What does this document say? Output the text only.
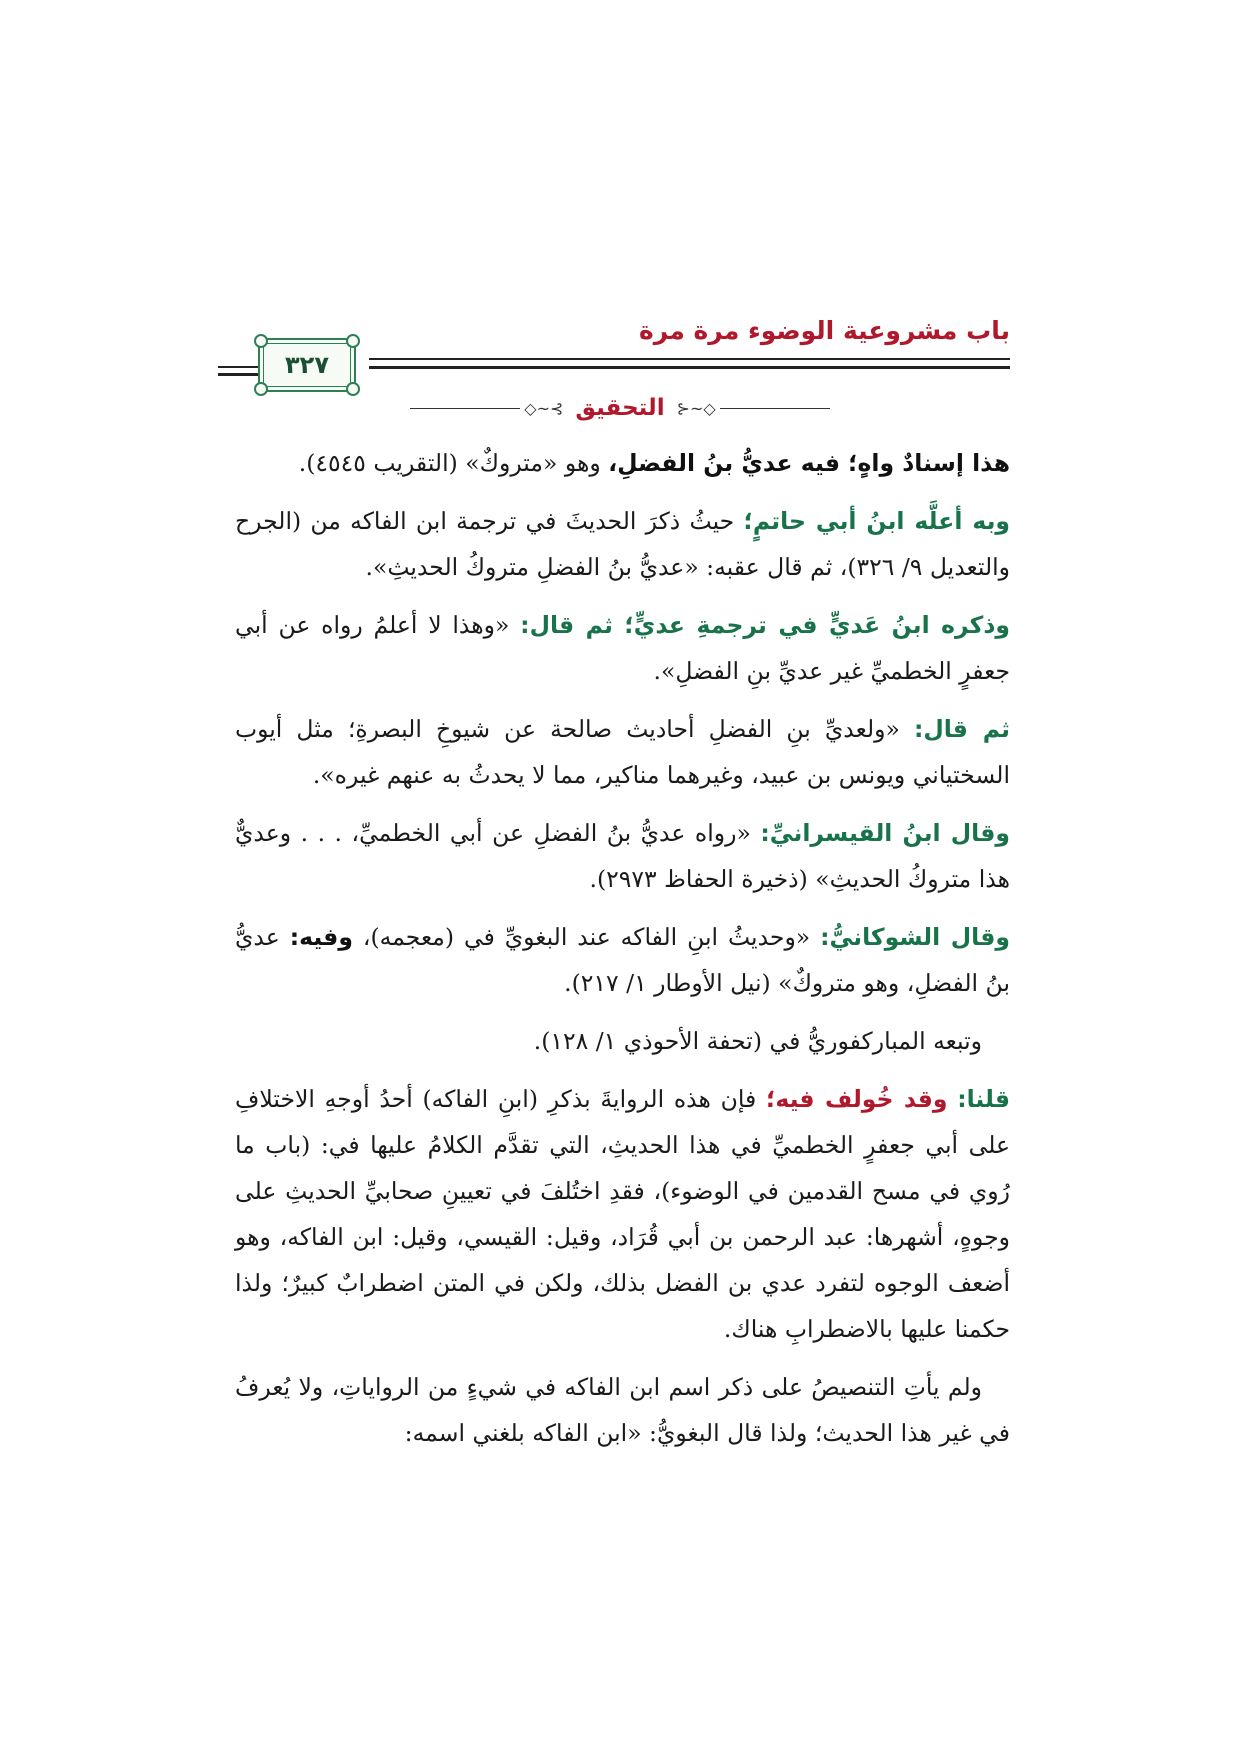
باب مشروعية الوضوء مرة مرة
٣٢٧
◇~⊰
التحقيق
⊱~◇

هذا إسنادٌ واهٍ؛ فيه عديُّ بنُ الفضلِ، وهو «متروكٌ» (التقريب ٤٥٤٥).

وبه أعلَّه ابنُ أبي حاتمٍ؛ حيثُ ذكرَ الحديثَ في ترجمة ابن الفاكه من (الجرح والتعديل ٩/ ٣٢٦)، ثم قال عقبه: «عديُّ بنُ الفضلِ متروكُ الحديثِ».

وذكره ابنُ عَديٍّ في ترجمةِ عديٍّ؛ ثم قال: «وهذا لا أعلمُ رواه عن أبي جعفرٍ الخطميِّ غير عديِّ بنِ الفضلِ».

ثم قال: «ولعديِّ بنِ الفضلِ أحاديث صالحة عن شيوخِ البصرةِ؛ مثل أيوب السختياني ويونس بن عبيد، وغيرهما مناكير، مما لا يحدثُ به عنهم غيره».

وقال ابنُ القيسرانيِّ: «رواه عديُّ بنُ الفضلِ عن أبي الخطميِّ، . . . وعديٌّ هذا متروكُ الحديثِ» (ذخيرة الحفاظ ٢٩٧٣).

وقال الشوكانيُّ: «وحديثُ ابنِ الفاكه عند البغويِّ في (معجمه)، وفيه: عديُّ بنُ الفضلِ، وهو متروكٌ» (نيل الأوطار ١/ ٢١٧).

وتبعه المباركفوريُّ في (تحفة الأحوذي ١/ ١٢٨).

قلنا: وقد خُولف فيه؛ فإن هذه الروايةَ بذكرِ (ابنِ الفاكه) أحدُ أوجهِ الاختلافِ على أبي جعفرٍ الخطميِّ في هذا الحديثِ، التي تقدَّم الكلامُ عليها في: (باب ما رُوي في مسح القدمين في الوضوء)، فقدِ اختُلفَ في تعيينِ صحابيِّ الحديثِ على وجوهٍ، أشهرها: عبد الرحمن بن أبي قُرَاد، وقيل: القيسي، وقيل: ابن الفاكه، وهو أضعف الوجوه لتفرد عدي بن الفضل بذلك، ولكن في المتن اضطرابٌ كبيرٌ؛ ولذا حكمنا عليها بالاضطرابِ هناك.

ولم يأتِ التنصيصُ على ذكر اسم ابن الفاكه في شيءٍ من الرواياتِ، ولا يُعرفُ في غير هذا الحديث؛ ولذا قال البغويُّ: «ابن الفاكه بلغني اسمه:
